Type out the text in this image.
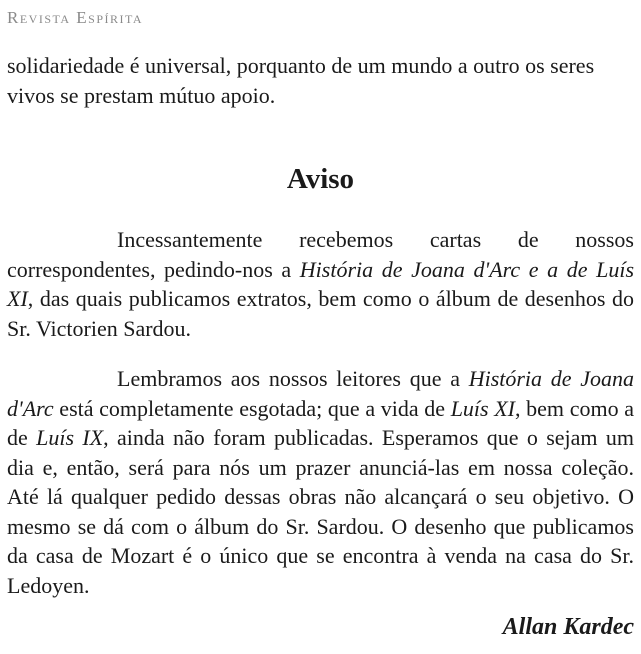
Revista Espírita

solidariedade é universal, porquanto de um mundo a outro os seres vivos se prestam mútuo apoio.

Aviso

Incessantemente recebemos cartas de nossos correspondentes, pedindo-nos a História de Joana d'Arc e a de Luís XI, das quais publicamos extratos, bem como o álbum de desenhos do Sr. Victorien Sardou.

Lembramos aos nossos leitores que a História de Joana d'Arc está completamente esgotada; que a vida de Luís XI, bem como a de Luís IX, ainda não foram publicadas. Esperamos que o sejam um dia e, então, será para nós um prazer anunciá-las em nossa coleção. Até lá qualquer pedido dessas obras não alcançará o seu objetivo. O mesmo se dá com o álbum do Sr. Sardou. O desenho que publicamos da casa de Mozart é o único que se encontra à venda na casa do Sr. Ledoyen.

Allan Kardec
